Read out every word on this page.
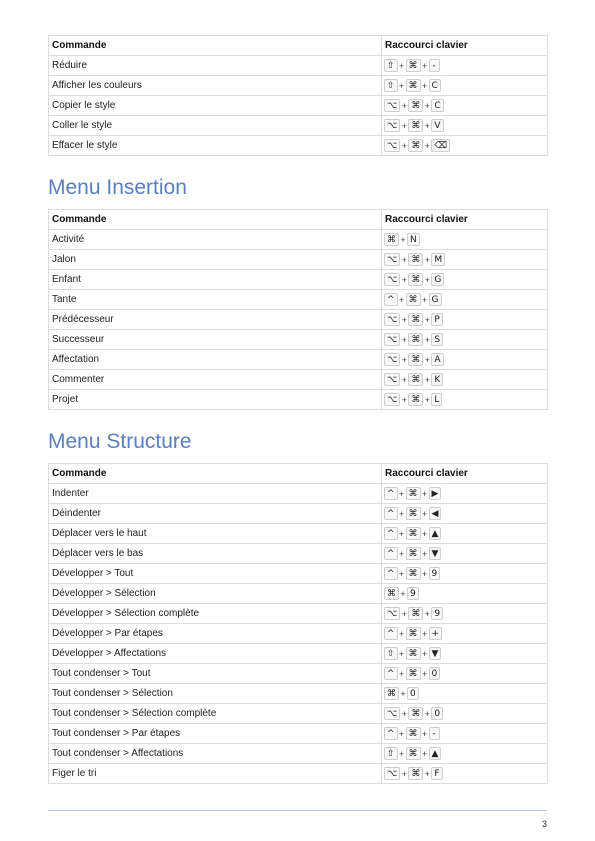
Commande	Raccourci clavier
Réduire	⇧ + ⌘ + -
Afficher les couleurs	⇧ + ⌘ + C
Copier le style	⌥ + ⌘ + C
Coller le style	⌥ + ⌘ + V
Effacer le style	⌥ + ⌘ + ⌫
Menu Insertion
Commande	Raccourci clavier
Activité	⌘ + N
Jalon	⌥ + ⌘ + M
Enfant	⌥ + ⌘ + G
Tante	^ + ⌘ + G
Prédécesseur	⌥ + ⌘ + P
Successeur	⌥ + ⌘ + S
Affectation	⌥ + ⌘ + A
Commenter	⌥ + ⌘ + K
Projet	⌥ + ⌘ + L
Menu Structure
Commande	Raccourci clavier
Indenter	^ + ⌘ + ▶
Déindenter	^ + ⌘ + ◀
Déplacer vers le haut	^ + ⌘ + ▲
Déplacer vers le bas	^ + ⌘ + ▼
Développer > Tout	^ + ⌘ + 9
Développer > Sélection	⌘ + 9
Développer > Sélection complète	⌥ + ⌘ + 9
Développer > Par étapes	^ + ⌘ + +
Développer > Affectations	⇧ + ⌘ + ▼
Tout condenser > Tout	^ + ⌘ + 0
Tout condenser > Sélection	⌘ + 0
Tout condenser > Sélection complète	⌥ + ⌘ + 0
Tout condenser > Par étapes	^ + ⌘ + -
Tout condenser > Affectations	⇧ + ⌘ + ▲
Figer le tri	⌥ + ⌘ + F
3
